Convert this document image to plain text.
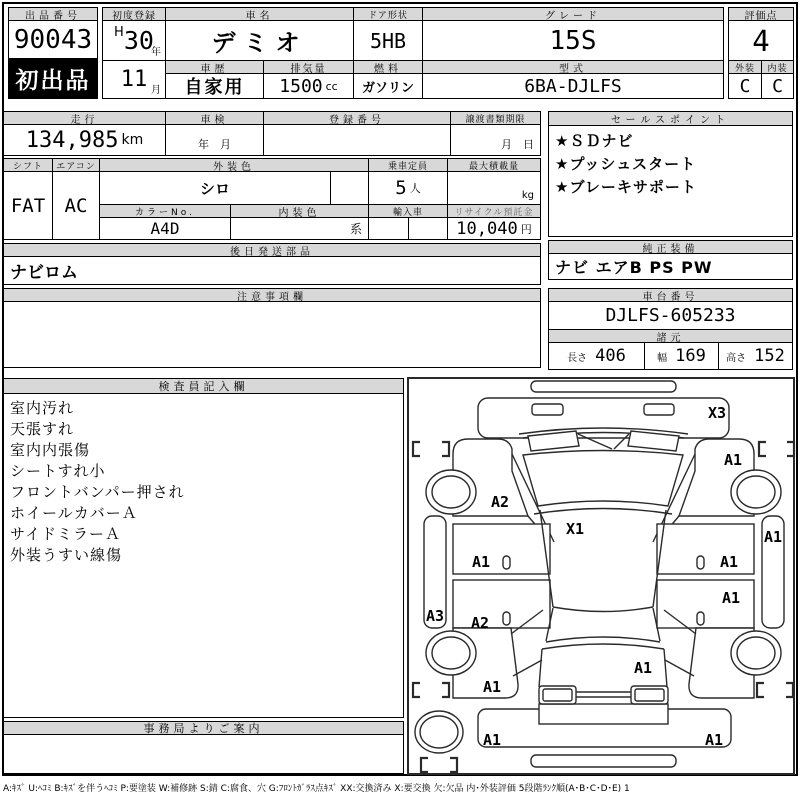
出品番号
90043
初出品
初度登録
H 30
年
11 月
車名
デミオ
ドア形状
5HB
グレード
15S
評価点
4
車歴
自家用
排気量
1500 cc
燃料
ガソリン
型式
6BA-DJLFS
外装	内装
C	C
走行
134,985 km
車検
年　月
登録番号	譲渡書類期限
月　日
シフト	エアコン
FAT	AC
外装色
シロ
乗車定員
5 人
最大積載量
kg
カラーNo.
A4D
内装色
系
輸入車	リサイクル預託金
10,040 円
セールスポイント
★ＳＤナビ
★プッシュスタート
★ブレーキサポート
純正装備
ナビ エアB PS PW
車台番号
DJLFS-605233
諸元
長さ 406	幅 169 高さ 152
後日発送部品
ナビロム
注意事項欄
検査員記入欄
室内汚れ
天張すれ
室内内張傷
シートすれ小
フロントバンパー押され
ホイールカバーＡ
サイドミラーＡ
外装うすい線傷
事務局よりご案内
A:ｷｽﾞ U:ﾍｺﾐ B:ｷｽﾞを伴うﾍｺﾐ P:要塗装 W:補修跡 S:錆 C:腐食、穴 G:ﾌﾛﾝﾄｶﾞﾗｽ点ｷｽﾞ XX:交換済み X:要交換 欠:欠品 内･外装評価 5段階ﾗﾝｸ順(A･B･C･D･E) 1
X3
A1
A2
X1
A1	A1
A1
A1
A3 A2
A1
A1
A1	A1
